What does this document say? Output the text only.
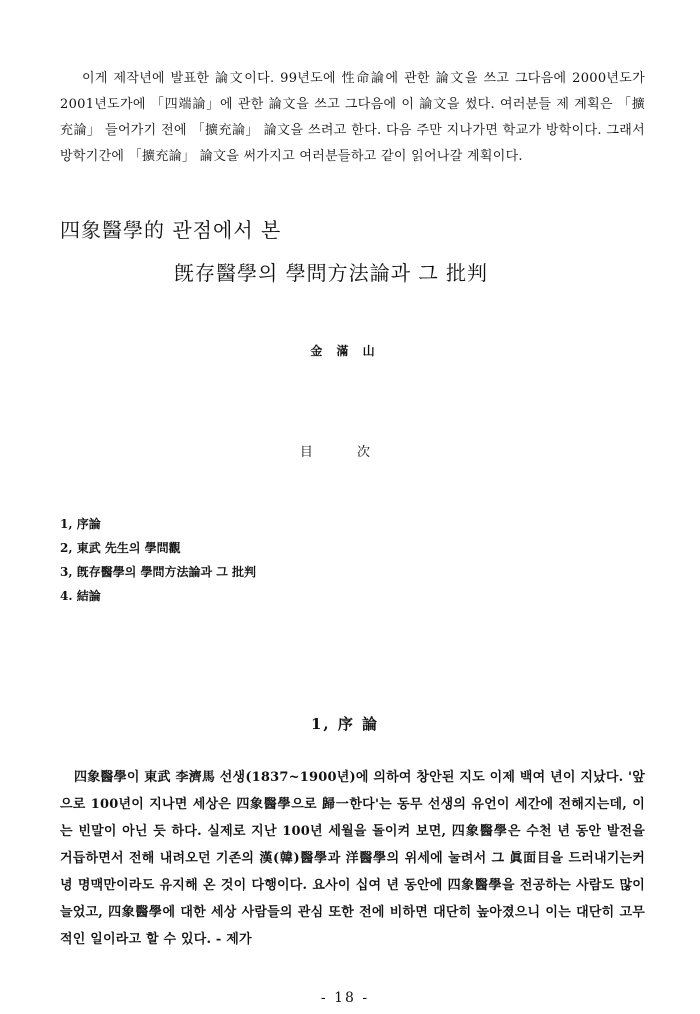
이게 제작년에 발표한 論文이다. 99년도에 性命論에 관한 論文을 쓰고 그다음에 2000년도가 2001년도가에 「四端論」에 관한 論文을 쓰고 그다음에 이 論文을 썼다. 여러분들 제 계획은 「擴充論」 들어가기 전에 「擴充論」 論文을 쓰려고 한다. 다음 주만 지나가면 학교가 방학이다. 그래서 방학기간에 「擴充論」 論文을 써가지고 여러분들하고 같이 읽어나갈 계획이다.

四象醫學的 관점에서 본
旣存醫學의 學問方法論과 그 批判
金 滿 山
目 次
1, 序論
2, 東武 先生의 學問觀
3, 旣存醫學의 學問方法論과 그 批判
4. 結論
1, 序 論

四象醫學이 東武 李濟馬 선생(1837~1900년)에 의하여 창안된 지도 이제 백여 년이 지났다. '앞으로 100년이 지나면 세상은 四象醫學으로 歸一한다'는 동무 선생의 유언이 세간에 전해지는데, 이는 빈말이 아닌 듯 하다. 실제로 지난 100년 세월을 돌이켜 보면, 四象醫學은 수천 년 동안 발전을 거듭하면서 전해 내려오던 기존의 漢(韓)醫學과 洋醫學의 위세에 눌려서 그 眞面目을 드러내기는커녕 명맥만이라도 유지해 온 것이 다행이다. 요사이 십여 년 동안에 四象醫學을 전공하는 사람도 많이 늘었고, 四象醫學에 대한 세상 사람들의 관심 또한 전에 비하면 대단히 높아졌으니 이는 대단히 고무적인 일이라고 할 수 있다. - 제가

- 18 -
